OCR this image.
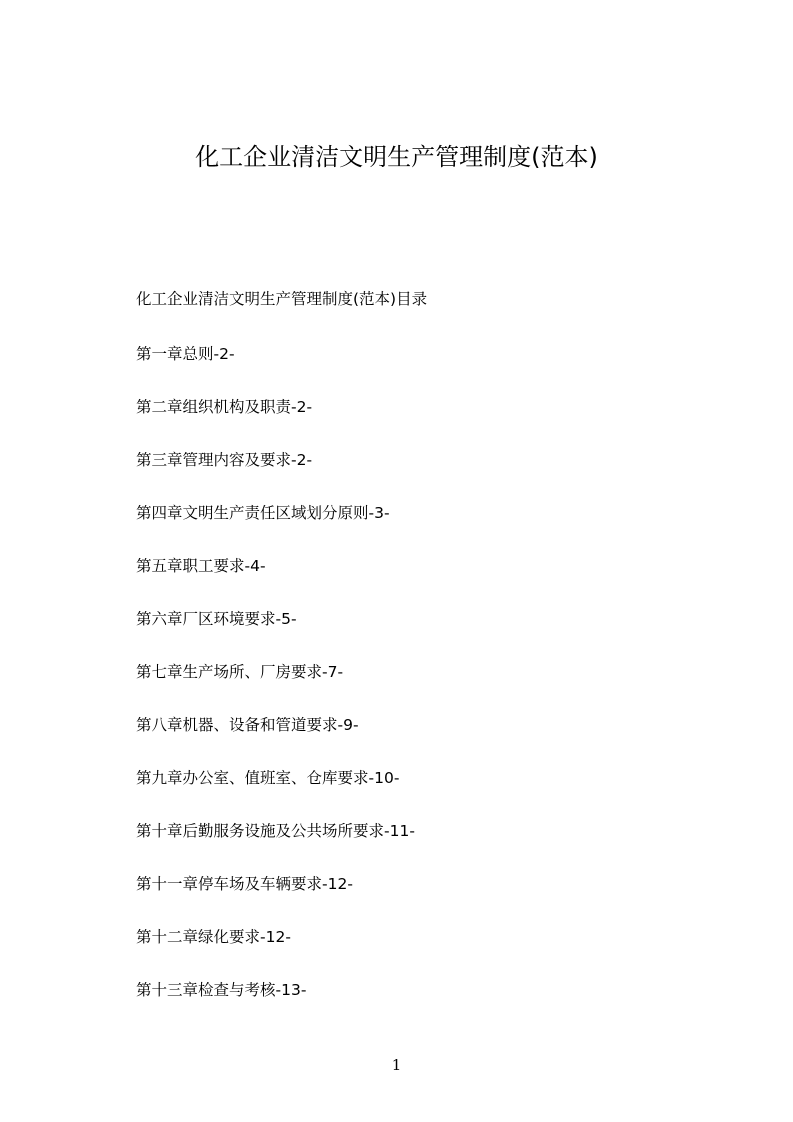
化工企业清洁文明生产管理制度(范本)
化工企业清洁文明生产管理制度(范本)目录
第一章总则-2-
第二章组织机构及职责-2-
第三章管理内容及要求-2-
第四章文明生产责任区域划分原则-3-
第五章职工要求-4-
第六章厂区环境要求-5-
第七章生产场所、厂房要求-7-
第八章机器、设备和管道要求-9-
第九章办公室、值班室、仓库要求-10-
第十章后勤服务设施及公共场所要求-11-
第十一章停车场及车辆要求-12-
第十二章绿化要求-12-
第十三章检查与考核-13-
1
